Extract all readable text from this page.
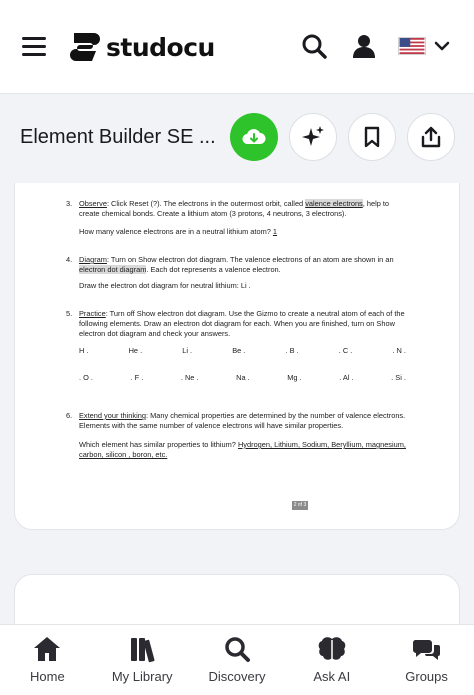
studocu
Element Builder SE ...
3. Observe: Click Reset (?). The electrons in the outermost orbit, called valence electrons, help to create chemical bonds. Create a lithium atom (3 protons, 4 neutrons, 3 electrons).
How many valence electrons are in a neutral lithium atom? 1
4. Diagram: Turn on Show electron dot diagram. The valence electrons of an atom are shown in an electron dot diagram. Each dot represents a valence electron.
Draw the electron dot diagram for neutral lithium: Li .
5. Practice: Turn off Show electron dot diagram. Use the Gizmo to create a neutral atom of each of the following elements. Draw an electron dot diagram for each. When you are finished, turn on Show electron dot diagram and check your answers.
H .	He .	Li .	Be .	. B .	. C .	. N .
. O .	. F .	. Ne .	Na .	Mg .	. Al .	. Si .
6. Extend your thinking: Many chemical properties are determined by the number of valence electrons. Elements with the same number of valence electrons will have similar properties.
Which element has similar properties to lithium? Hydrogen, Lithium, Sodium, Beryllium, magnesium, carbon, silicon , boron, etc.
2 of 3
Home	My Library	Discovery	Ask AI	Groups
